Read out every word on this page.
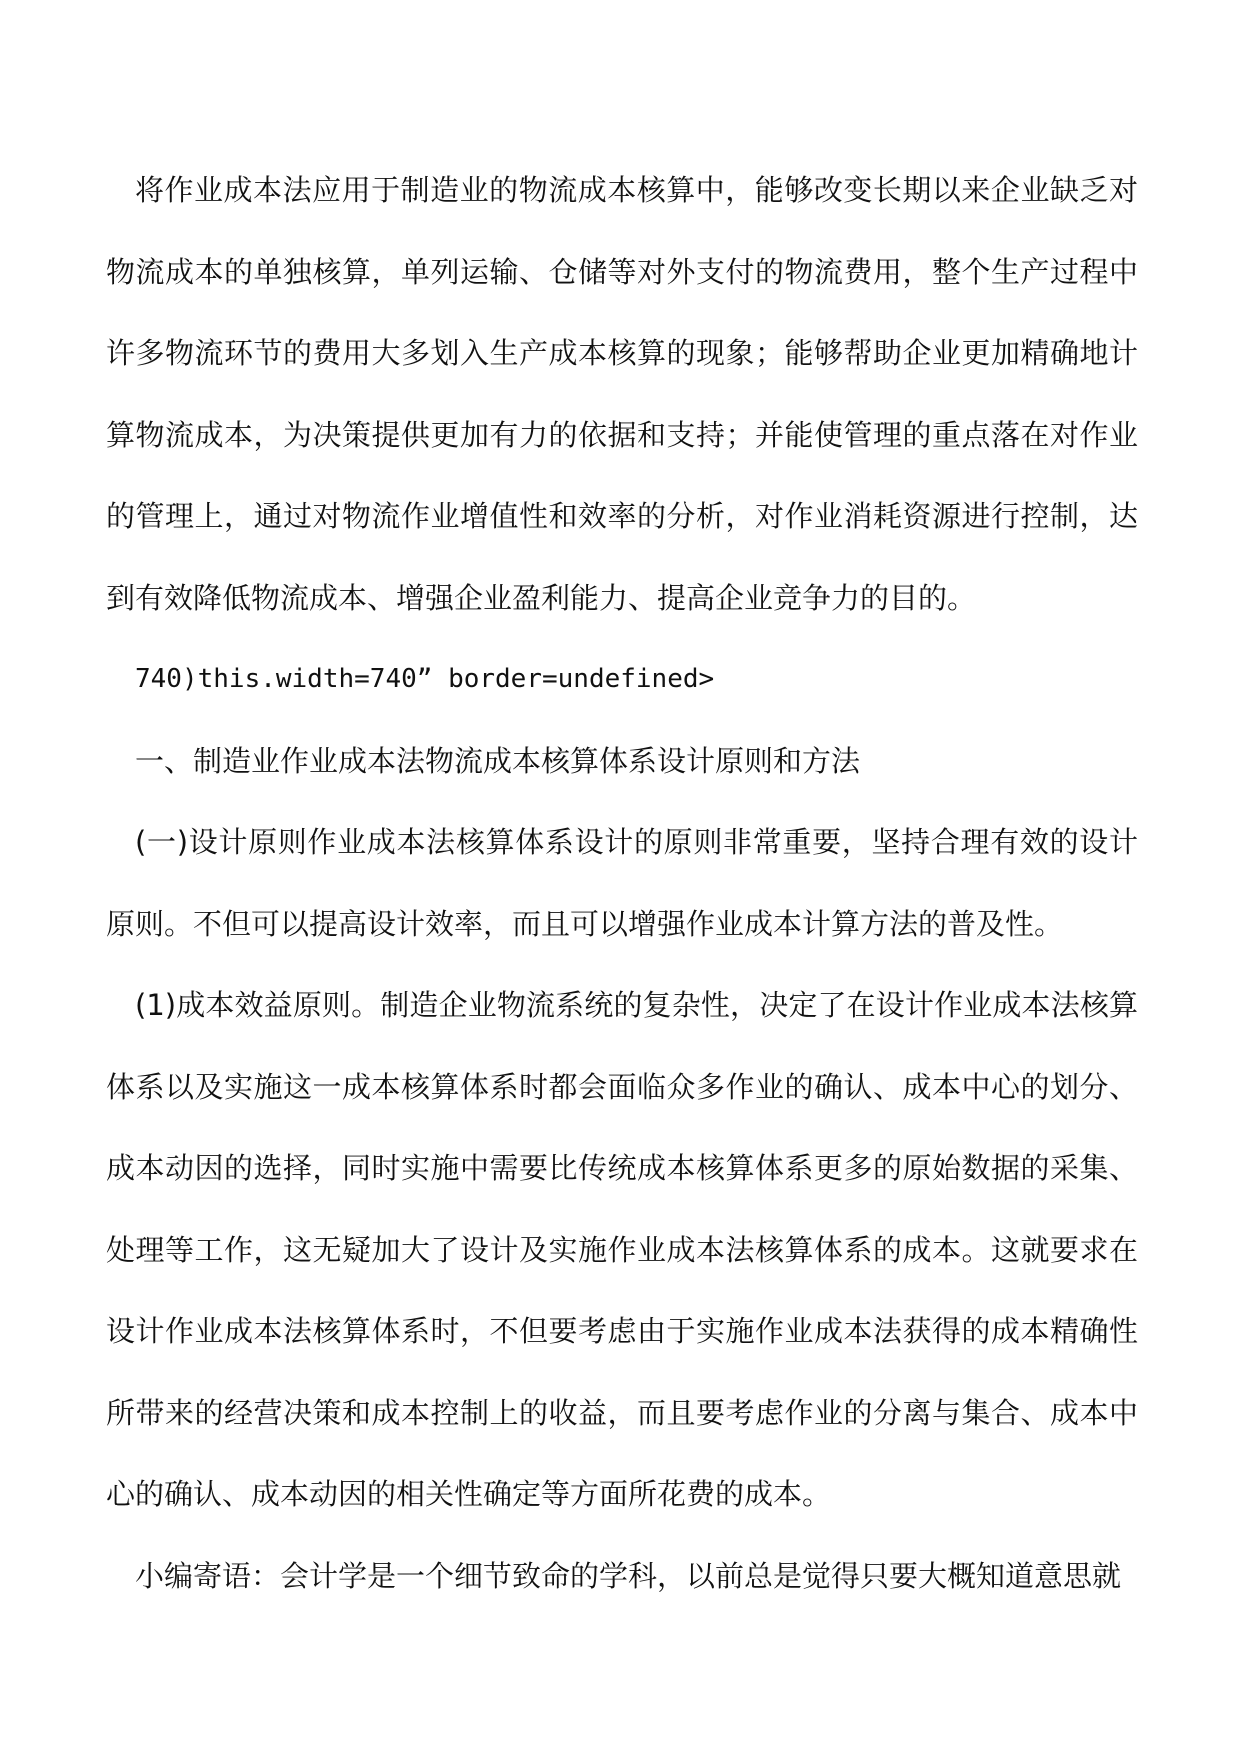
将作业成本法应用于制造业的物流成本核算中，能够改变长期以来企业缺乏对物流成本的单独核算，单列运输、仓储等对外支付的物流费用，整个生产过程中许多物流环节的费用大多划入生产成本核算的现象；能够帮助企业更加精确地计算物流成本，为决策提供更加有力的依据和支持；并能使管理的重点落在对作业的管理上，通过对物流作业增值性和效率的分析，对作业消耗资源进行控制，达到有效降低物流成本、增强企业盈利能力、提高企业竞争力的目的。

740)this.width=740” border=undefined>

一、制造业作业成本法物流成本核算体系设计原则和方法

(一)设计原则作业成本法核算体系设计的原则非常重要，坚持合理有效的设计原则。不但可以提高设计效率，而且可以增强作业成本计算方法的普及性。

(1)成本效益原则。制造企业物流系统的复杂性，决定了在设计作业成本法核算体系以及实施这一成本核算体系时都会面临众多作业的确认、成本中心的划分、成本动因的选择，同时实施中需要比传统成本核算体系更多的原始数据的采集、处理等工作，这无疑加大了设计及实施作业成本法核算体系的成本。这就要求在设计作业成本法核算体系时，不但要考虑由于实施作业成本法获得的成本精确性所带来的经营决策和成本控制上的收益，而且要考虑作业的分离与集合、成本中心的确认、成本动因的相关性确定等方面所花费的成本。

小编寄语：会计学是一个细节致命的学科，以前总是觉得只要大概知道意思就
